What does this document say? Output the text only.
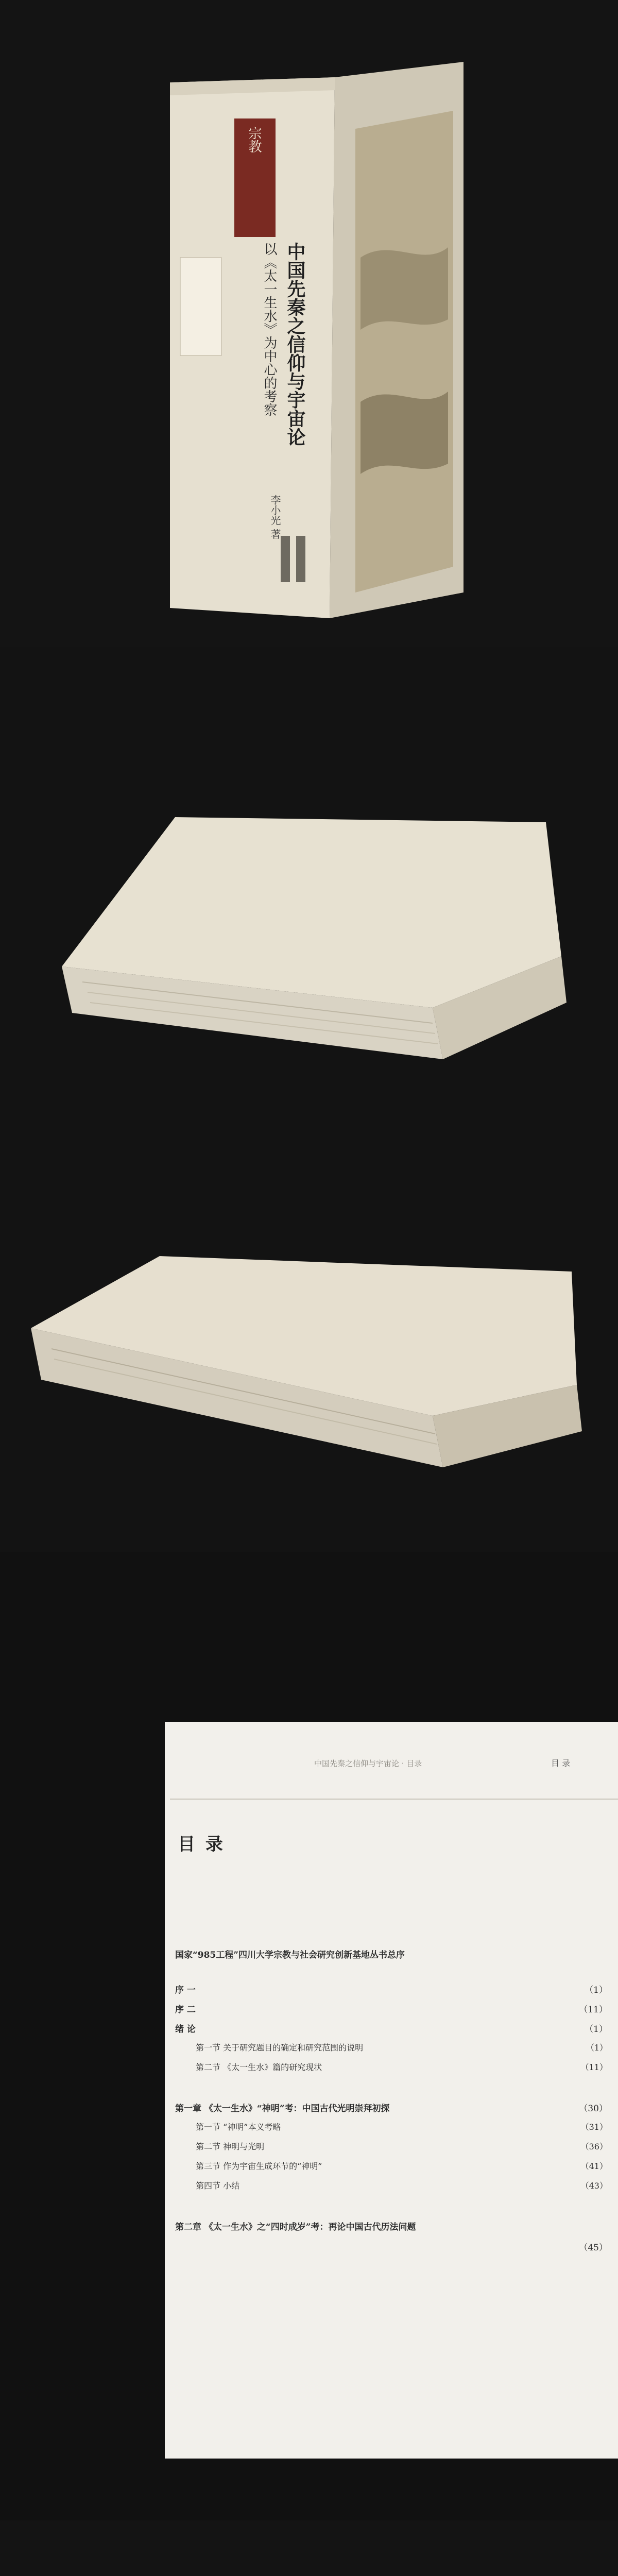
宗教
中国先秦之信仰与宇宙论
以《太一生水》为中心的考察
李小光 著
中国先秦之信仰与宇宙论 · 目录	目 录
目 录
国家“985工程”四川大学宗教与社会研究创新基地丛书总序
序 一	（1）
序 二	（11）
绪 论	（1）
第一节 关于研究题目的确定和研究范围的说明	（1）
第二节 《太一生水》篇的研究现状	（11）
第一章 《太一生水》“神明”考：中国古代光明崇拜初探	（30）
第一节 “神明”本义考略	（31）
第二节 神明与光明	（36）
第三节 作为宇宙生成环节的“神明”	（41）
第四节 小结	（43）
第二章 《太一生水》之“四时成岁”考：再论中国古代历法问题
（45）
